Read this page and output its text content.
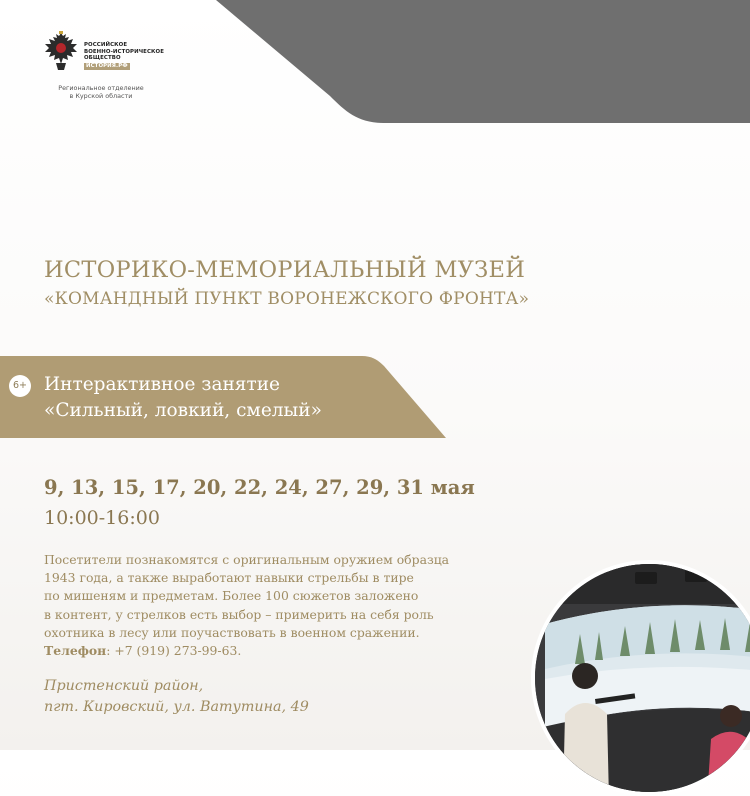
РОССИЙСКОЕ
ВОЕННО-ИСТОРИЧЕСКОЕ
ОБЩЕСТВО
ИСТОРИЯ.РФ
Региональное отделение
в Курской области
ИСТОРИКО-МЕМОРИАЛЬНЫЙ МУЗЕЙ
«КОМАНДНЫЙ ПУНКТ ВОРОНЕЖСКОГО ФРОНТА»
6+ Интерактивное занятие
«Сильный, ловкий, смелый»
9, 13, 15, 17, 20, 22, 24, 27, 29, 31 мая
10:00-16:00
Посетители познакомятся с оригинальным оружием образца
1943 года, а также выработают навыки стрельбы в тире
по мишеням и предметам. Более 100 сюжетов заложено
в контент, у стрелков есть выбор – примерить на себя роль
охотника в лесу или поучаствовать в военном сражении.
Телефон: +7 (919) 273-99-63.
Пристенский район,
пгт. Кировский, ул. Ватутина, 49
